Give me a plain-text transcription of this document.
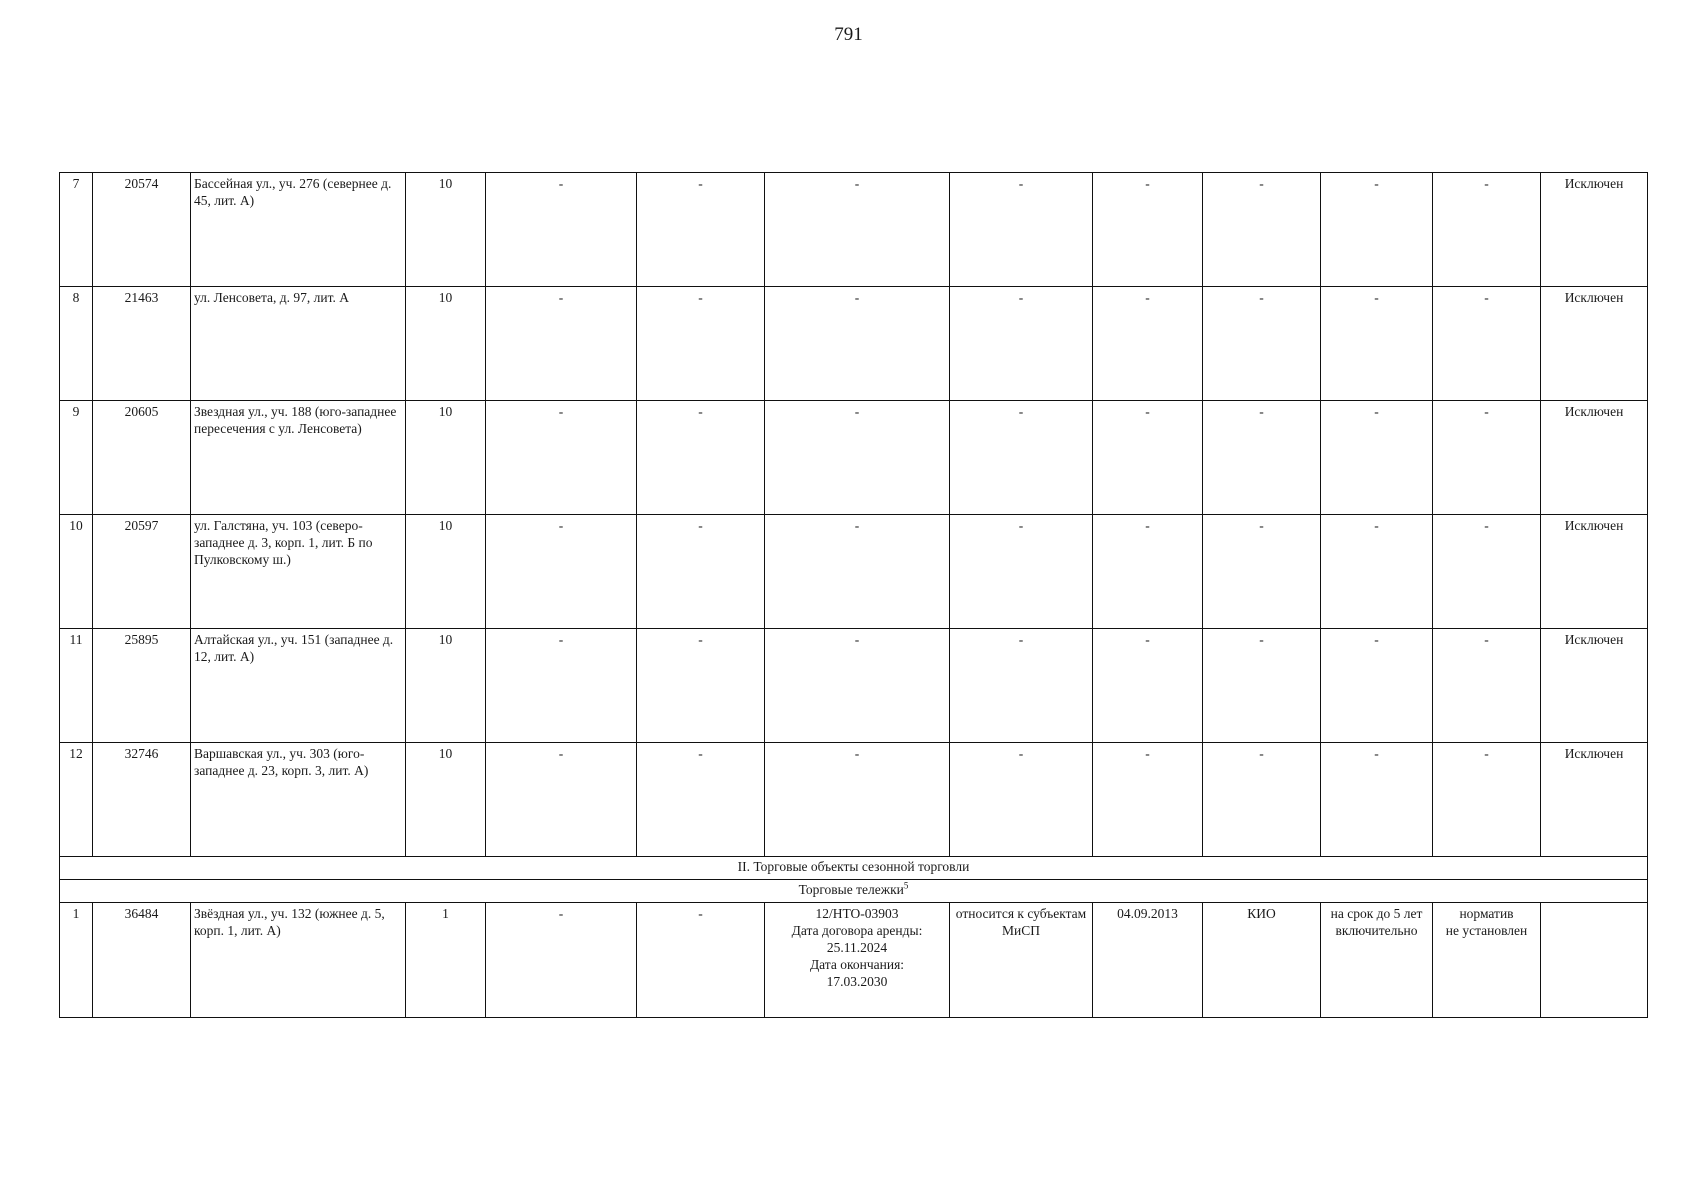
791
7	20574	Бассейная ул., уч. 276 (севернее д. 45, лит. А)	10	-	-	-	-	-	-	-	-	Исключен
8	21463	ул. Ленсовета, д. 97, лит. А	10	-	-	-	-	-	-	-	-	Исключен
9	20605	Звездная ул., уч. 188 (юго-западнее пересечения с ул. Ленсовета)	10	-	-	-	-	-	-	-	-	Исключен
10	20597	ул. Галстяна, уч. 103 (северо-западнее д. 3, корп. 1, лит. Б по Пулковскому ш.)	10	-	-	-	-	-	-	-	-	Исключен
11	25895	Алтайская ул., уч. 151 (западнее д. 12, лит. А)	10	-	-	-	-	-	-	-	-	Исключен
12	32746	Варшавская ул., уч. 303 (юго-западнее д. 23, корп. 3, лит. А)	10	-	-	-	-	-	-	-	-	Исключен
II. Торговые объекты сезонной торговли												
Торговые тележки$^5$
1	36484	Звёздная ул., уч. 132 (южнее д. 5, корп. 1, лит. А)	1	-	-	12/НТО-03903
Дата договора аренды:
25.11.2024
Дата окончания:
17.03.2030	относится к субъектам МиСП	04.09.2013	КИО	на срок до 5 лет включительно	норматив
не установлен	
